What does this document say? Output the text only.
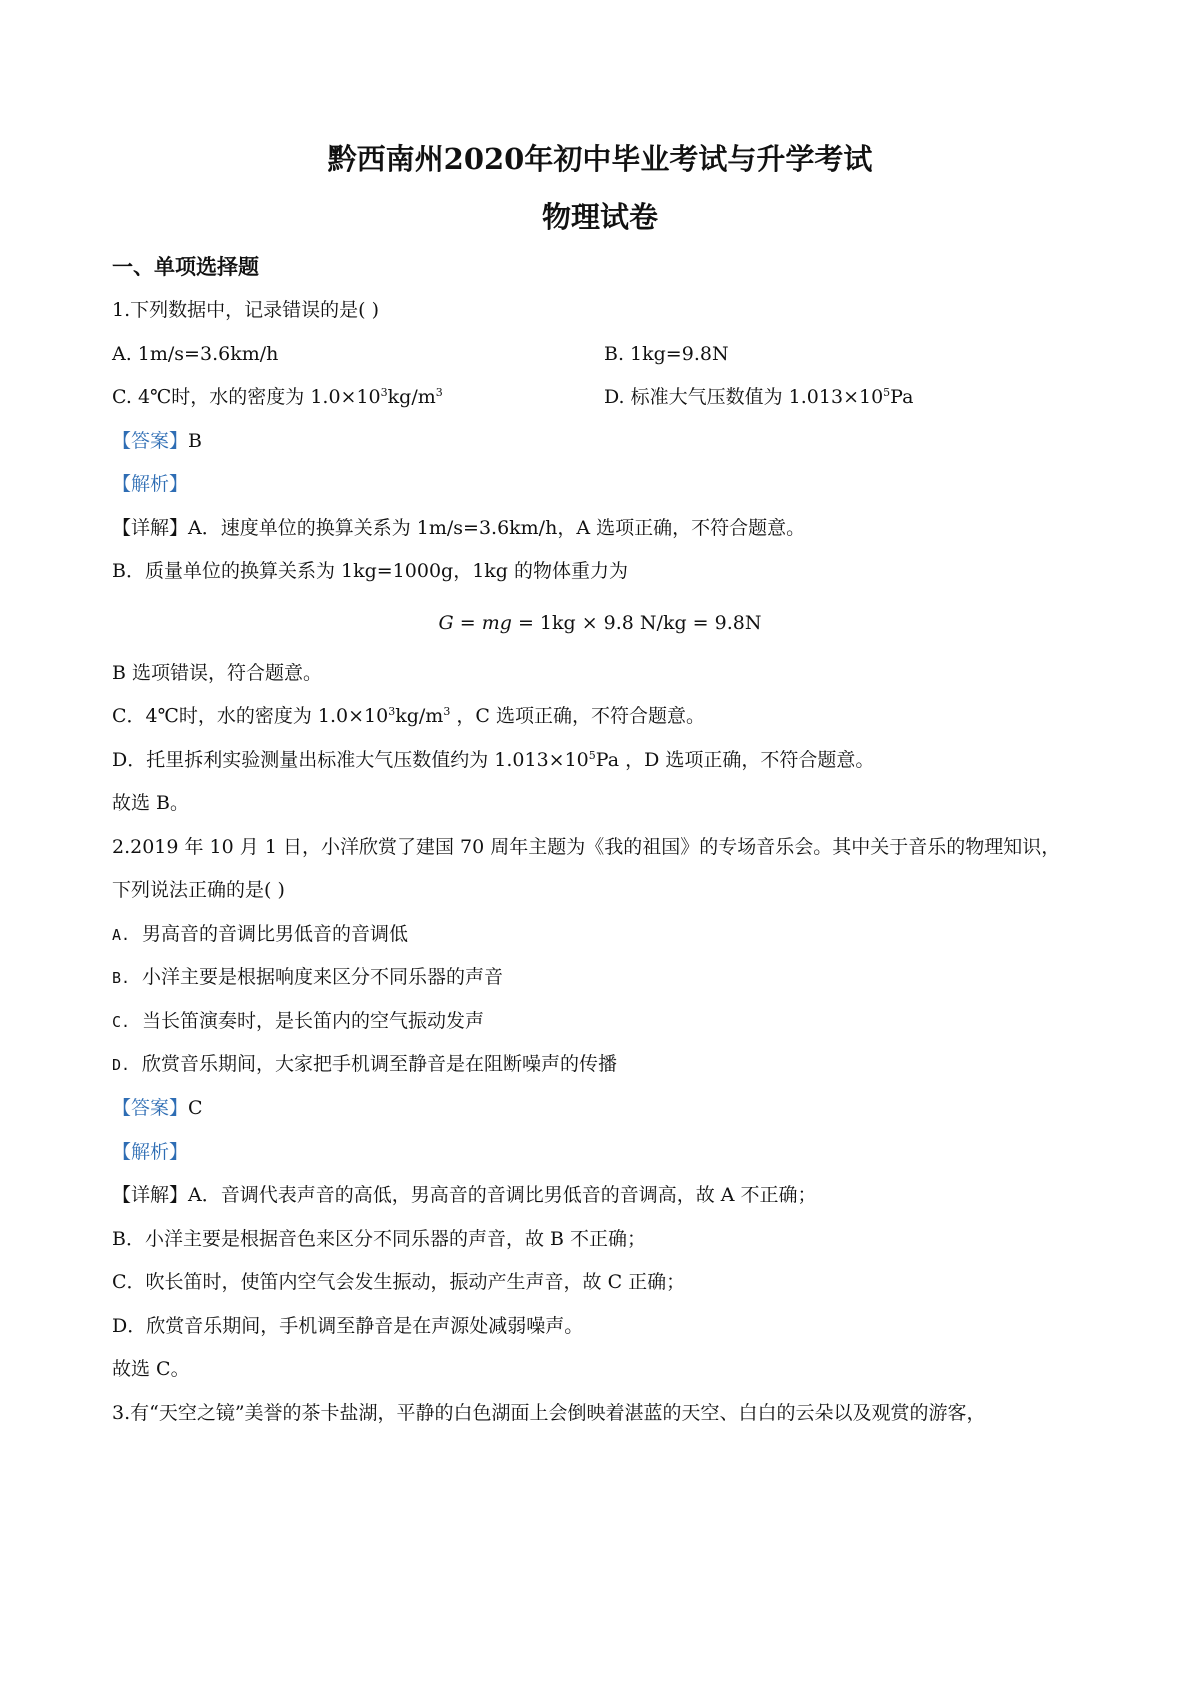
黔西南州2020年初中毕业考试与升学考试
物理试卷
一、单项选择题
1.下列数据中，记录错误的是( )
A. 1m/s=3.6km/h	B. 1kg=9.8N
C. 4℃时，水的密度为 $1.0\times 10^3kg/m^3$	D. 标准大气压数值为 $1.013\times 10^5Pa$
【答案】B
【解析】
【详解】A．速度单位的换算关系为 1m/s=3.6km/h，A 选项正确，不符合题意。
B．质量单位的换算关系为 1kg=1000g，1kg 的物体重力为
G = mg = 1kg × 9.8 N/kg = 9.8N
B 选项错误，符合题意。
C．4℃时，水的密度为 $1.0\times 10^3kg/m^3$ ，C 选项正确，不符合题意。
D．托里拆利实验测量出标准大气压数值约为 $1.013\times 10^5Pa$ ，D 选项正确，不符合题意。
故选 B。
2.2019 年 10 月 1 日，小洋欣赏了建国 70 周年主题为《我的祖国》的专场音乐会。其中关于音乐的物理知识，
下列说法正确的是( )
A. 男高音的音调比男低音的音调低
B. 小洋主要是根据响度来区分不同乐器的声音
C. 当长笛演奏时，是长笛内的空气振动发声
D. 欣赏音乐期间，大家把手机调至静音是在阻断噪声的传播
【答案】C
【解析】
【详解】A．音调代表声音的高低，男高音的音调比男低音的音调高，故 A 不正确；
B．小洋主要是根据音色来区分不同乐器的声音，故 B 不正确；
C．吹长笛时，使笛内空气会发生振动，振动产生声音，故 C 正确；
D．欣赏音乐期间，手机调至静音是在声源处减弱噪声。
故选 C。
3.有“天空之镜”美誉的茶卡盐湖，平静的白色湖面上会倒映着湛蓝的天空、白白的云朵以及观赏的游客，
